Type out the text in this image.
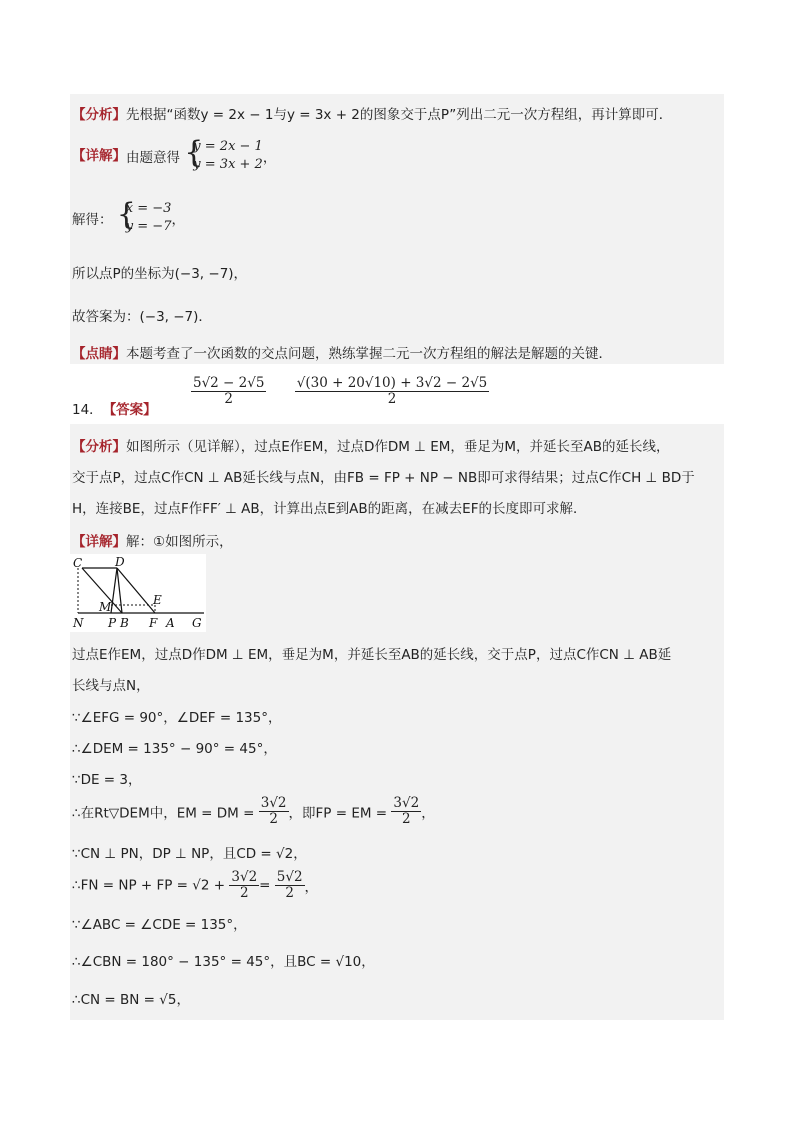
【分析】先根据“函数y = 2x − 1与y = 3x + 2的图象交于点P”列出二元一次方程组，再计算即可．
【详解】由题意得 {
y = 2x − 1
y = 3x + 2 ，
解得： {
x = −3
y = −7 ，
所以点P的坐标为(−3, −7)，
故答案为：(−3, −7)．
【点睛】本题考查了一次函数的交点问题，熟练掌握二元一次方程组的解法是解题的关键．
14．【答案】
$\frac{5√2 - 2√5}{2}$
$\frac{√(30 + 20√10) + 3√2 - 2√5}{2}$
【分析】如图所示（见详解），过点E作EM，过点D作DM ⊥ EM，垂足为M，并延长至AB的延长线，
交于点P，过点C作CN ⊥ AB延长线与点N，由FB = FP + NP − NB即可求得结果；过点C作CH ⊥ BD于
H，连接BE，过点F作FF′ ⊥ AB，计算出点E到AB的距离，在减去EF的长度即可求解．
【详解】解：①如图所示，
C	D
M	E
N P B F A G
过点E作EM，过点D作DM ⊥ EM，垂足为M，并延长至AB的延长线，交于点P，过点C作CN ⊥ AB延
长线与点N，
∵∠EFG = 90°，∠DEF = 135°，
∴∠DEM = 135° − 90° = 45°，
∵DE = 3，
∴在Rt▽DEM中，EM = DM = $\frac{3√2}{2}$ ，即FP = EM = $\frac{3√2}{2}$ ，
∵CN ⊥ PN，DP ⊥ NP，且CD = √2，
∴FN = NP + FP = $√2 + \frac{3√2}{2} = \frac{5√2}{2}$ ，
∵∠ABC = ∠CDE = 135°，
∴∠CBN = 180° − 135° = 45°，且BC = √10，
∴CN = BN = √5，
